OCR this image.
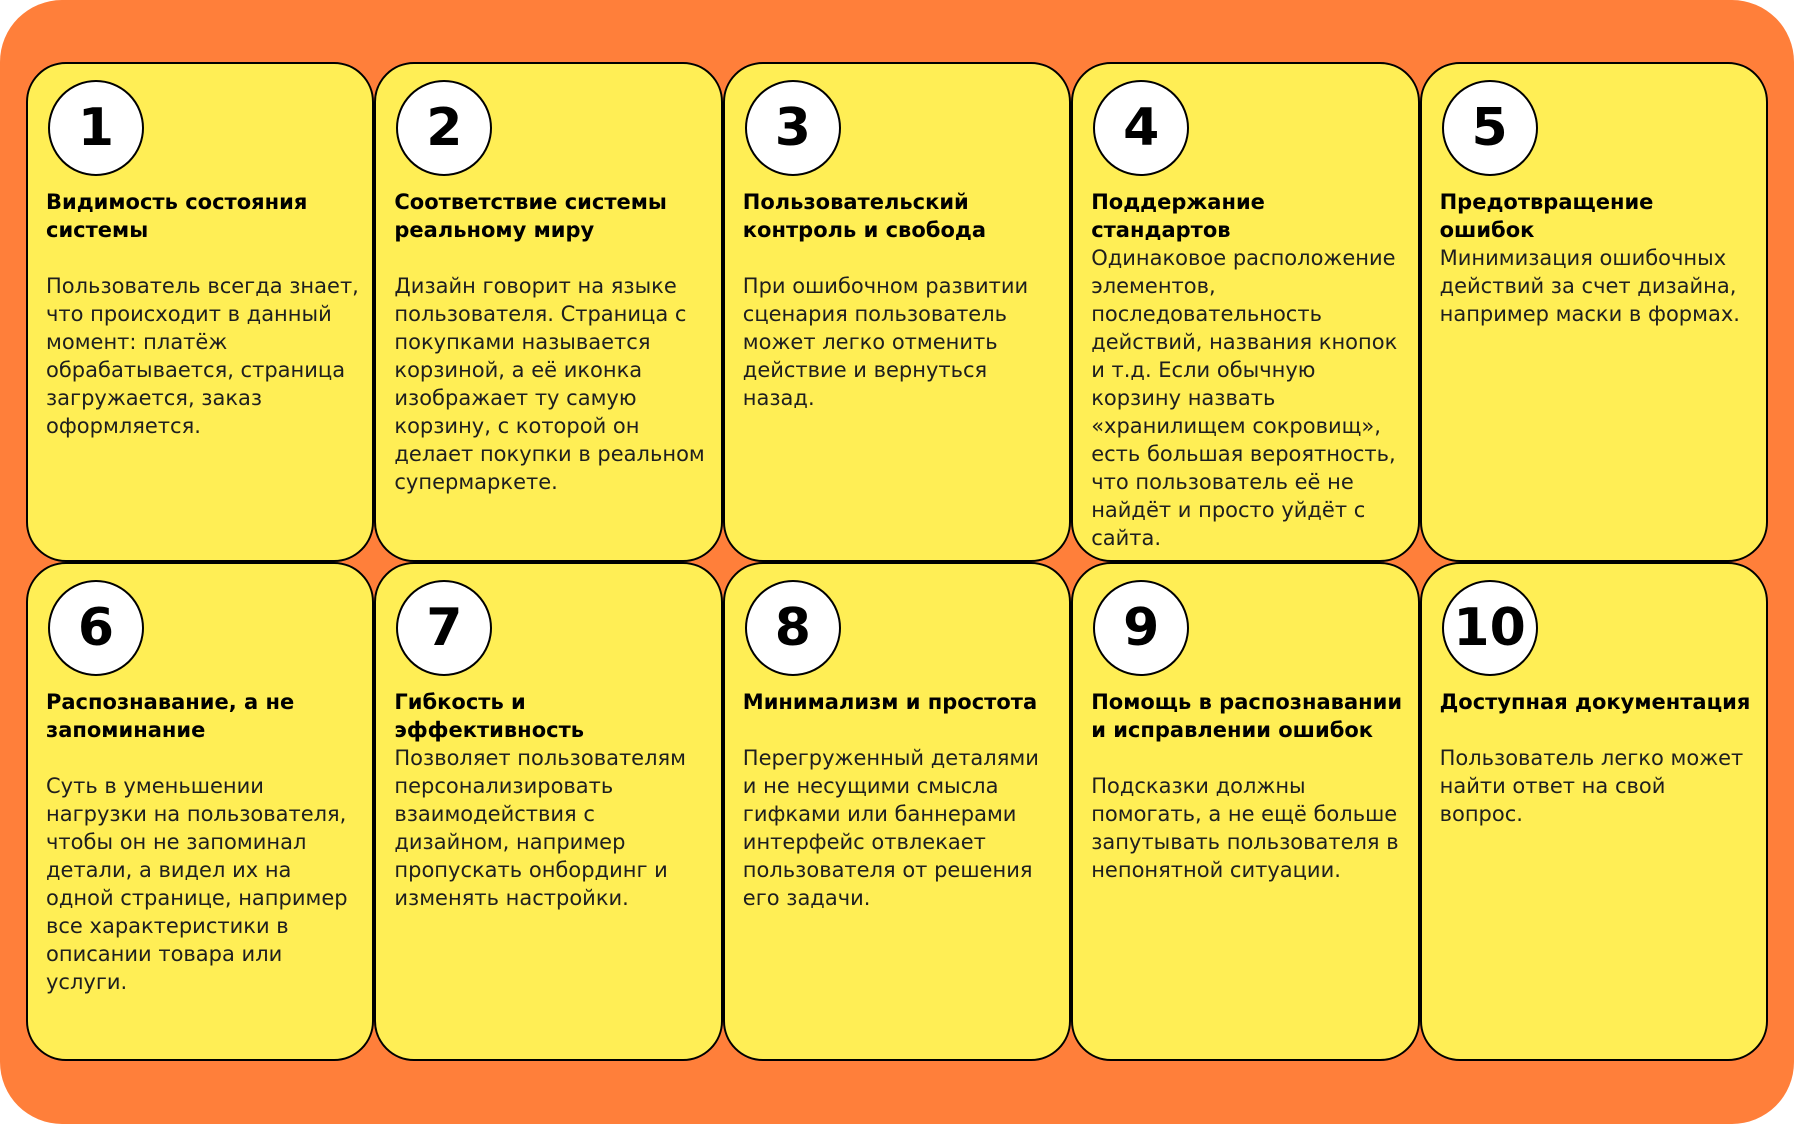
1
Видимость состояния системы
Пользователь всегда знает, что происходит в данный момент: платёж обрабатывается, страница загружается, заказ оформляется.
2
Соответствие системы реальному миру
Дизайн говорит на языке пользователя. Страница с покупками называется корзиной, а её иконка изображает ту самую корзину, с которой он делает покупки в реальном супермаркете.
3
Пользовательский контроль и свобода
При ошибочном развитии сценария пользователь может легко отменить действие и вернуться назад.
4
Поддержание стандартов
Одинаковое расположение элементов, последовательность действий, названия кнопок и т.д. Если обычную корзину назвать «хранилищем сокровищ», есть большая вероятность, что пользователь её не найдёт и просто уйдёт с сайта.
5
Предотвращение ошибок
Минимизация ошибочных действий за счет дизайна, например маски в формах.
6
Распознавание, а не запоминание
Суть в уменьшении нагрузки на пользователя, чтобы он не запоминал детали, а видел их на одной странице, например все характеристики в описании товара или услуги.
7
Гибкость и эффективность
Позволяет пользователям персонализировать взаимодействия с дизайном, например пропускать онбординг и изменять настройки.
8
Минимализм и простота
Перегруженный деталями и не несущими смысла гифками или баннерами интерфейс отвлекает пользователя от решения его задачи.
9
Помощь в распознавании и исправлении ошибок
Подсказки должны помогать, а не ещё больше запутывать пользователя в непонятной ситуации.
10
Доступная документация
Пользователь легко может найти ответ на свой вопрос.
